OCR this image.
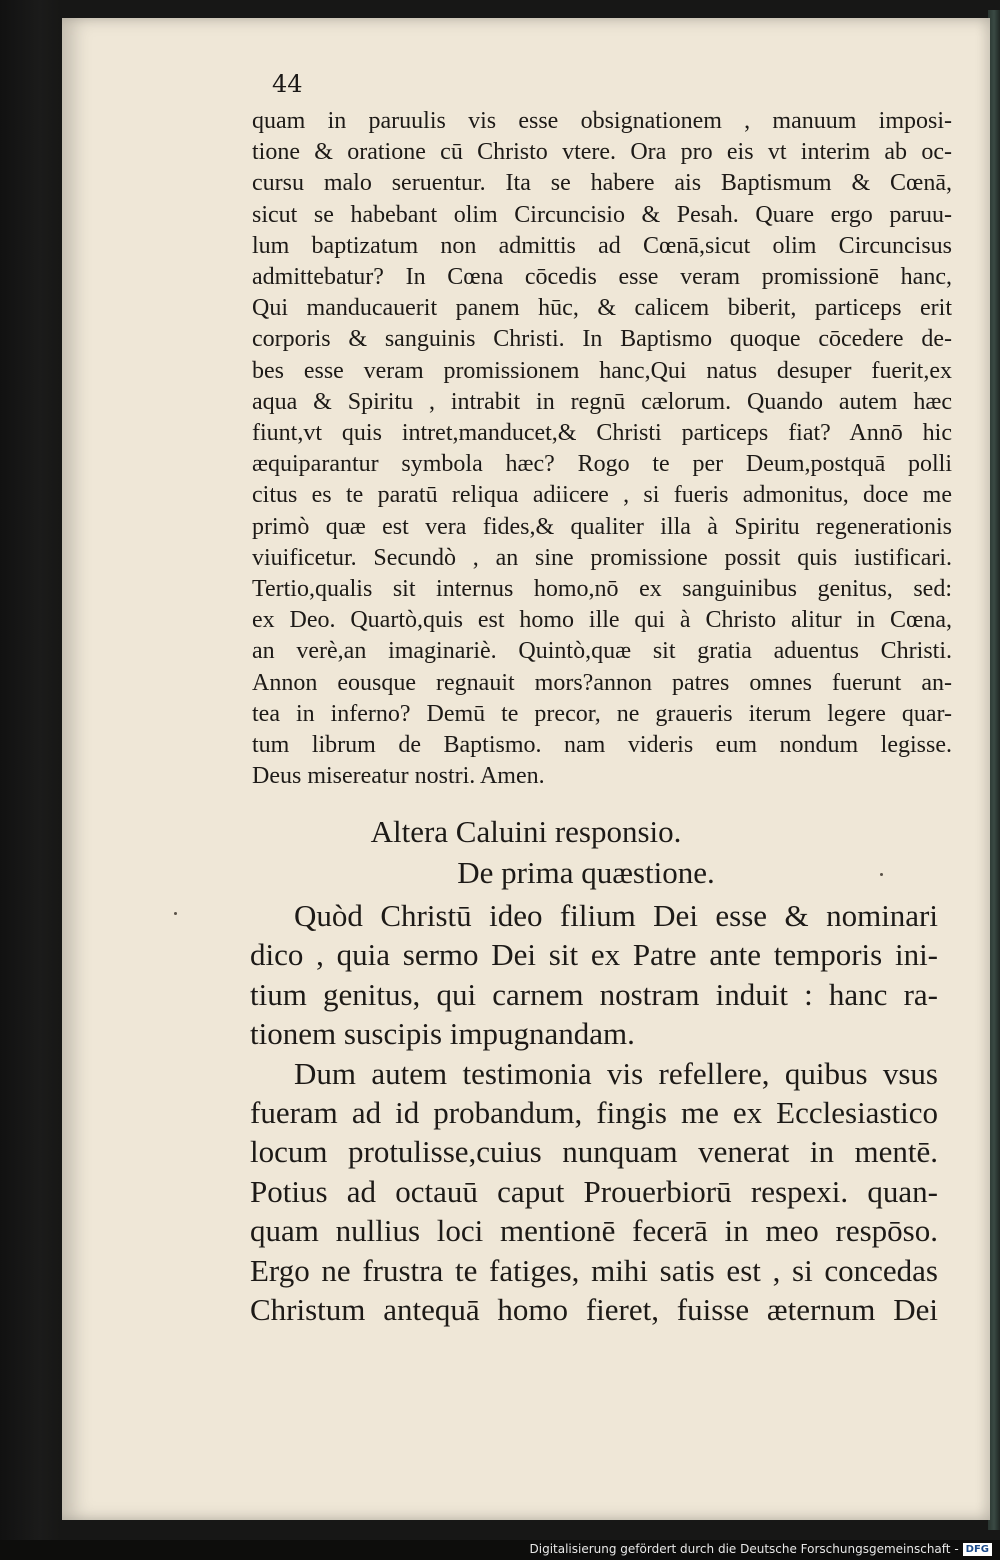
44
quam in paruulis vis esse obsignationem , manuum imposi-
tione & oratione cū Christo vtere. Ora pro eis vt interim ab oc-
cursu malo seruentur. Ita se habere ais Baptismum & Cœnā,
sicut se habebant olim Circuncisio & Pesah. Quare ergo paruu-
lum baptizatum non admittis ad Cœnā,sicut olim Circuncisus
admittebatur? In Cœna cōcedis esse veram promissionē hanc,
Qui manducauerit panem hūc, & calicem biberit, particeps erit
corporis & sanguinis Christi. In Baptismo quoque cōcedere de-
bes esse veram promissionem hanc,Qui natus desuper fuerit,ex
aqua & Spiritu , intrabit in regnū cælorum. Quando autem hæc
fiunt,vt quis intret,manducet,& Christi particeps fiat? Annō hic
æquiparantur symbola hæc? Rogo te per Deum,postquā polli
citus es te paratū reliqua adiicere , si fueris admonitus, doce me
primò quæ est vera fides,& qualiter illa à Spiritu regenerationis
viuificetur. Secundò , an sine promissione possit quis iustificari.
Tertio,qualis sit internus homo,nō ex sanguinibus genitus, sed:
ex Deo. Quartò,quis est homo ille qui à Christo alitur in Cœna,
an verè,an imaginariè. Quintò,quæ sit gratia aduentus Christi.
Annon eousque regnauit mors?annon patres omnes fuerunt an-
tea in inferno? Demū te precor, ne graueris iterum legere quar-
tum librum de Baptismo. nam videris eum nondum legisse.
Deus misereatur nostri. Amen.
Altera Caluini responsio.
De prima quæstione.
Quòd Christū ideo filium Dei esse & nominari
dico , quia sermo Dei sit ex Patre ante temporis ini-
tium genitus, qui carnem nostram induit : hanc ra-
tionem suscipis impugnandam.
Dum autem testimonia vis refellere, quibus vsus
fueram ad id probandum, fingis me ex Ecclesiastico
locum protulisse,cuius nunquam venerat in mentē.
Potius ad octauū caput Prouerbiorū respexi. quan-
quam nullius loci mentionē fecerā in meo respōso.
Ergo ne frustra te fatiges, mihi satis est , si concedas
Christum antequā homo fieret, fuisse æternum Dei
Digitalisierung gefördert durch die Deutsche Forschungsgemeinschaft - DFG
